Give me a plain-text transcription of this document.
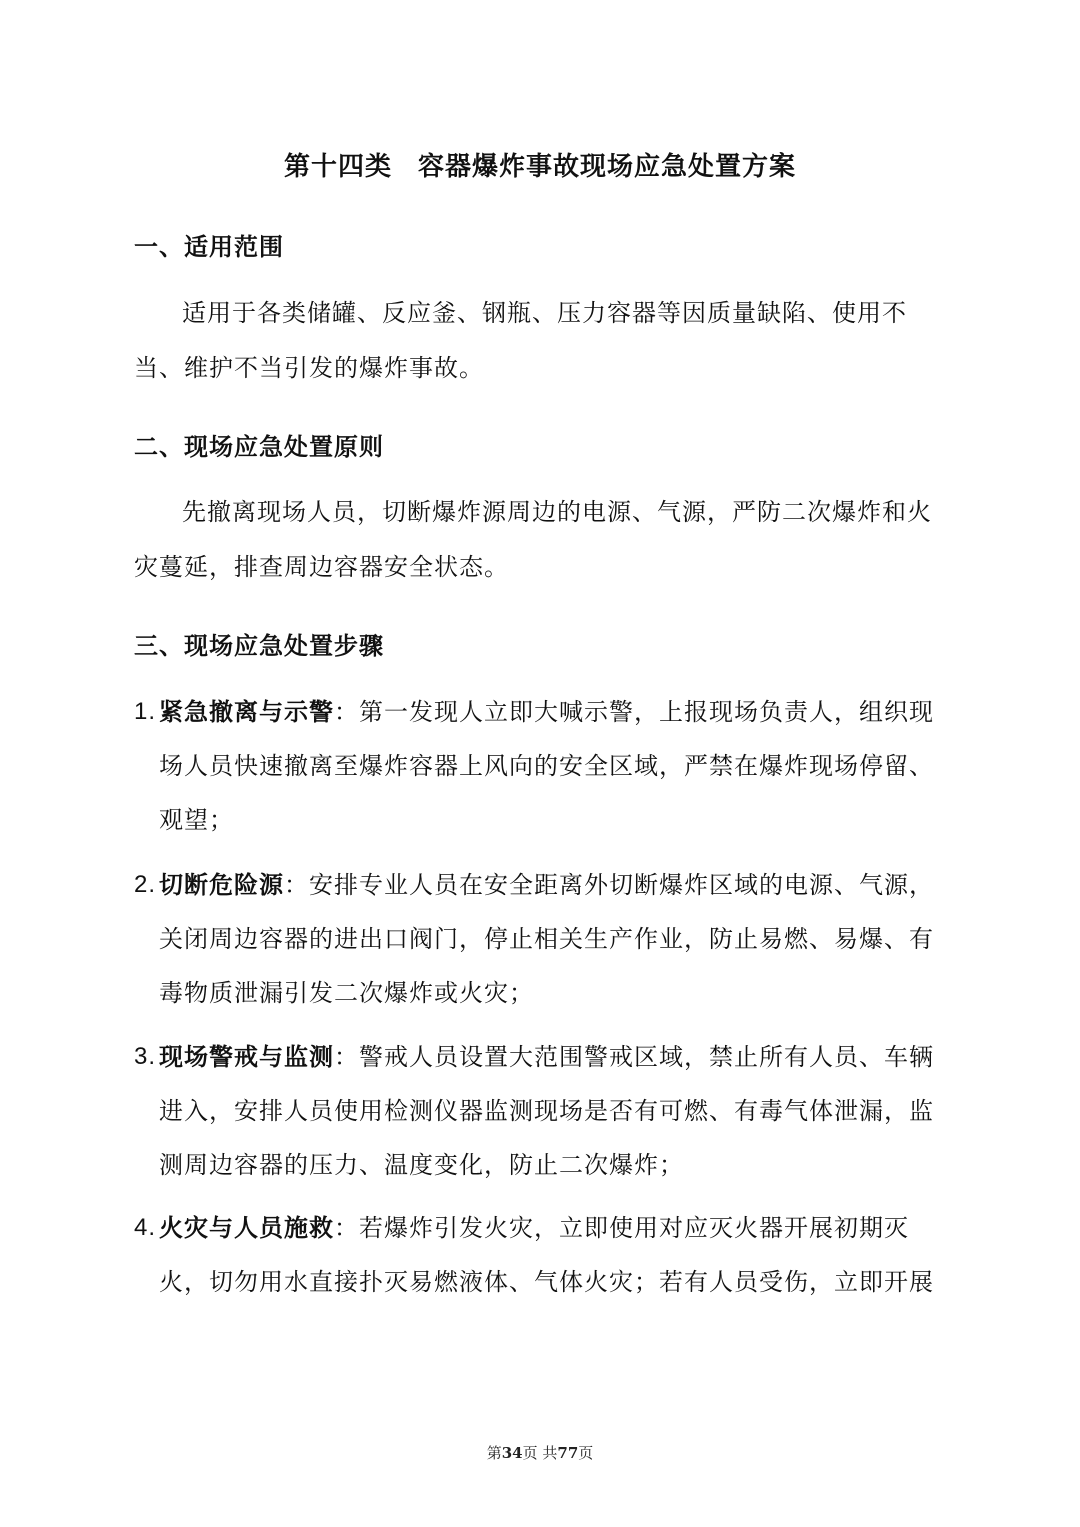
第十四类 容器爆炸事故现场应急处置方案
一、适用范围
适用于各类储罐、反应釜、钢瓶、压力容器等因质量缺陷、使用不当、维护不当引发的爆炸事故。
二、现场应急处置原则
先撤离现场人员，切断爆炸源周边的电源、气源，严防二次爆炸和火灾蔓延，排查周边容器安全状态。
三、现场应急处置步骤
1. 紧急撤离与示警：第一发现人立即大喊示警，上报现场负责人，组织现场人员快速撤离至爆炸容器上风向的安全区域，严禁在爆炸现场停留、观望；
2. 切断危险源：安排专业人员在安全距离外切断爆炸区域的电源、气源，关闭周边容器的进出口阀门，停止相关生产作业，防止易燃、易爆、有毒物质泄漏引发二次爆炸或火灾；
3. 现场警戒与监测：警戒人员设置大范围警戒区域，禁止所有人员、车辆进入，安排人员使用检测仪器监测现场是否有可燃、有毒气体泄漏，监测周边容器的压力、温度变化，防止二次爆炸；
4. 火灾与人员施救：若爆炸引发火灾，立即使用对应灭火器开展初期灭火，切勿用水直接扑灭易燃液体、气体火灾；若有人员受伤，立即开展
第34页 共77页
